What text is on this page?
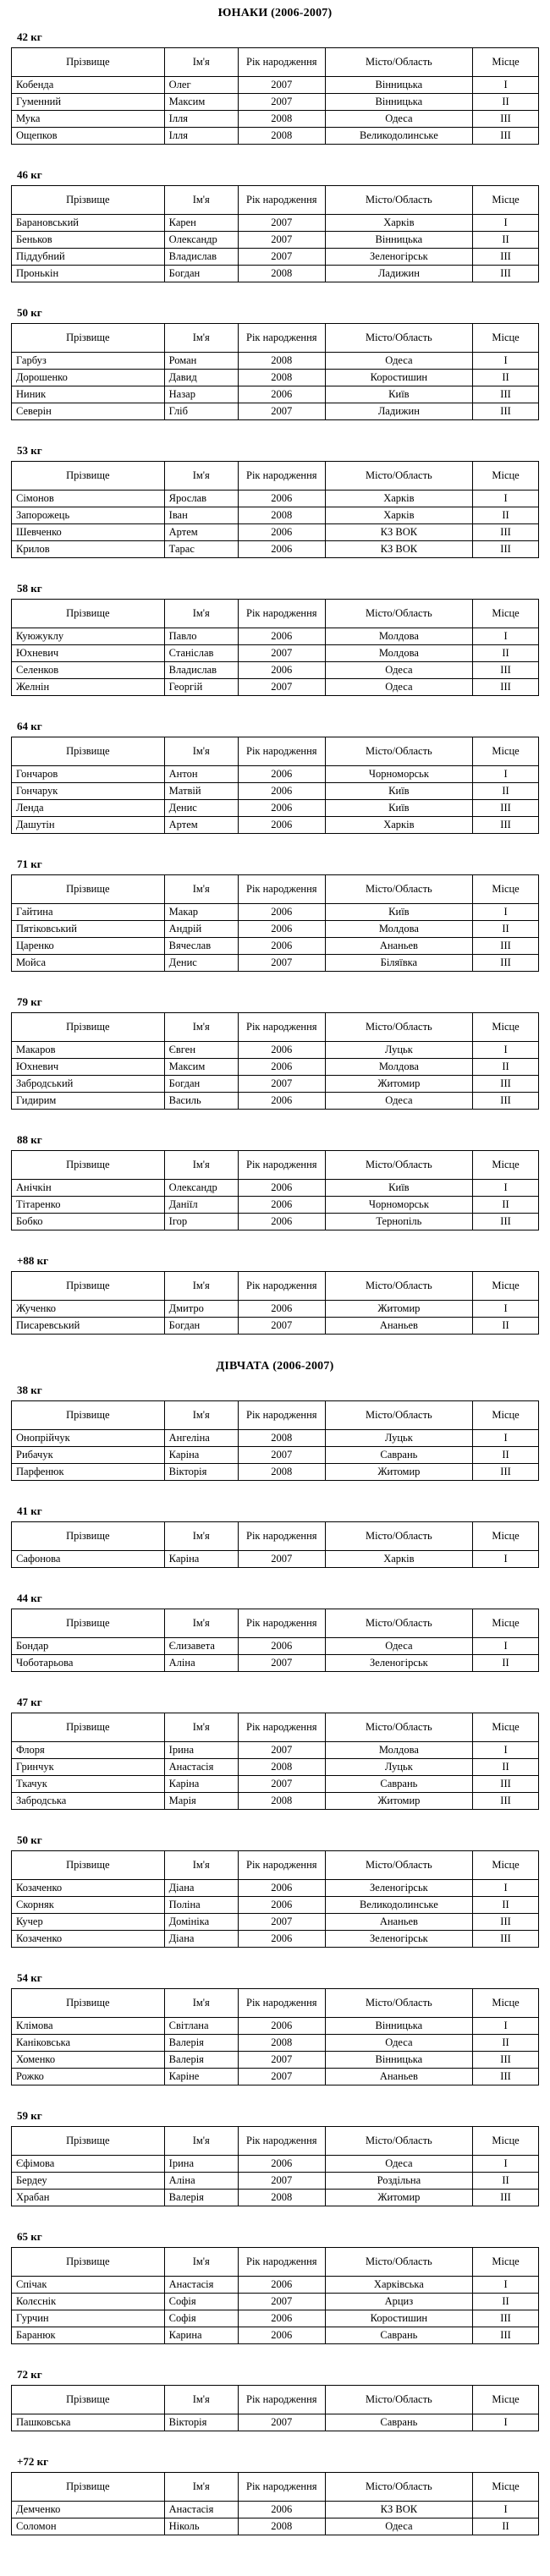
ЮНАКИ (2006-2007)
42 кг
Прізвище	Ім'я	Рік народження	Місто/Область	Місце
Кобенда	Олег	2007	Вінницька	I
Гуменний	Максим	2007	Вінницька	II
Мука	Ілля	2008	Одеса	III
Ощепков	Ілля	2008	Великодолинське	III
46 кг
Прізвище	Ім'я	Рік народження	Місто/Область	Місце
Барановський	Карен	2007	Харків	I
Беньков	Олександр	2007	Вінницька	II
Піддубний	Владислав	2007	Зеленогірськ	III
Пронькін	Богдан	2008	Ладижин	III
50 кг
Прізвище	Ім'я	Рік народження	Місто/Область	Місце
Гарбуз	Роман	2008	Одеса	I
Дорошенко	Давид	2008	Коростишин	II
Ниник	Назар	2006	Київ	III
Северін	Гліб	2007	Ладижин	III
53 кг
Прізвище	Ім'я	Рік народження	Місто/Область	Місце
Сімонов	Ярослав	2006	Харків	I
Запорожець	Іван	2008	Харків	II
Шевченко	Артем	2006	КЗ ВОК	III
Крилов	Тарас	2006	КЗ ВОК	III
58 кг
Прізвище	Ім'я	Рік народження	Місто/Область	Місце
Куюжуклу	Павло	2006	Молдова	I
Юхневич	Станіслав	2007	Молдова	II
Селенков	Владислав	2006	Одеса	III
Желнін	Георгій	2007	Одеса	III
64 кг
Прізвище	Ім'я	Рік народження	Місто/Область	Місце
Гончаров	Антон	2006	Чорноморськ	I
Гончарук	Матвій	2006	Київ	II
Ленда	Денис	2006	Київ	III
Дашутін	Артем	2006	Харків	III
71 кг
Прізвище	Ім'я	Рік народження	Місто/Область	Місце
Гайтина	Макар	2006	Київ	I
Пятіковський	Андрій	2006	Молдова	II
Царенко	Вячеслав	2006	Ананьев	III
Мойса	Денис	2007	Біляївка	III
79 кг
Прізвище	Ім'я	Рік народження	Місто/Область	Місце
Макаров	Євген	2006	Луцьк	I
Юхневич	Максим	2006	Молдова	II
Забродський	Богдан	2007	Житомир	III
Гидирим	Василь	2006	Одеса	III
88 кг
Прізвище	Ім'я	Рік народження	Місто/Область	Місце
Анічкін	Олександр	2006	Київ	I
Тітаренко	Даніїл	2006	Чорноморськ	II
Бобко	Ігор	2006	Тернопіль	III
+88 кг
Прізвище	Ім'я	Рік народження	Місто/Область	Місце
Жученко	Дмитро	2006	Житомир	I
Писаревський	Богдан	2007	Ананьев	II
ДІВЧАТА (2006-2007)
38 кг
Прізвище	Ім'я	Рік народження	Місто/Область	Місце
Онопрійчук	Ангеліна	2008	Луцьк	I
Рибачук	Каріна	2007	Саврань	II
Парфенюк	Вікторія	2008	Житомир	III
41 кг
Прізвище	Ім'я	Рік народження	Місто/Область	Місце
Сафонова	Каріна	2007	Харків	I
44 кг
Прізвище	Ім'я	Рік народження	Місто/Область	Місце
Бондар	Єлизавета	2006	Одеса	I
Чоботарьова	Аліна	2007	Зеленогірськ	II
47 кг
Прізвище	Ім'я	Рік народження	Місто/Область	Місце
Флоря	Ірина	2007	Молдова	I
Гринчук	Анастасія	2008	Луцьк	II
Ткачук	Каріна	2007	Саврань	III
Забродська	Марія	2008	Житомир	III
50 кг
Прізвище	Ім'я	Рік народження	Місто/Область	Місце
Козаченко	Діана	2006	Зеленогірськ	I
Скорняк	Поліна	2006	Великодолинське	II
Кучер	Домініка	2007	Ананьев	III
Козаченко	Діана	2006	Зеленогірськ	III
54 кг
Прізвище	Ім'я	Рік народження	Місто/Область	Місце
Клімова	Світлана	2006	Вінницька	I
Каніковська	Валерія	2008	Одеса	II
Хоменко	Валерія	2007	Вінницька	III
Рожко	Каріне	2007	Ананьев	III
59 кг
Прізвище	Ім'я	Рік народження	Місто/Область	Місце
Єфімова	Ірина	2006	Одеса	I
Бердеу	Аліна	2007	Роздільна	II
Храбан	Валерія	2008	Житомир	III
65 кг
Прізвище	Ім'я	Рік народження	Місто/Область	Місце
Спічак	Анастасія	2006	Харківська	I
Колєснік	Софія	2007	Арциз	II
Гурчин	Софія	2006	Коростишин	III
Баранюк	Карина	2006	Саврань	III
72 кг
Прізвище	Ім'я	Рік народження	Місто/Область	Місце
Пашковська	Вікторія	2007	Саврань	I
+72 кг
Прізвище	Ім'я	Рік народження	Місто/Область	Місце
Демченко	Анастасія	2006	КЗ ВОК	I
Соломон	Ніколь	2008	Одеса	II
